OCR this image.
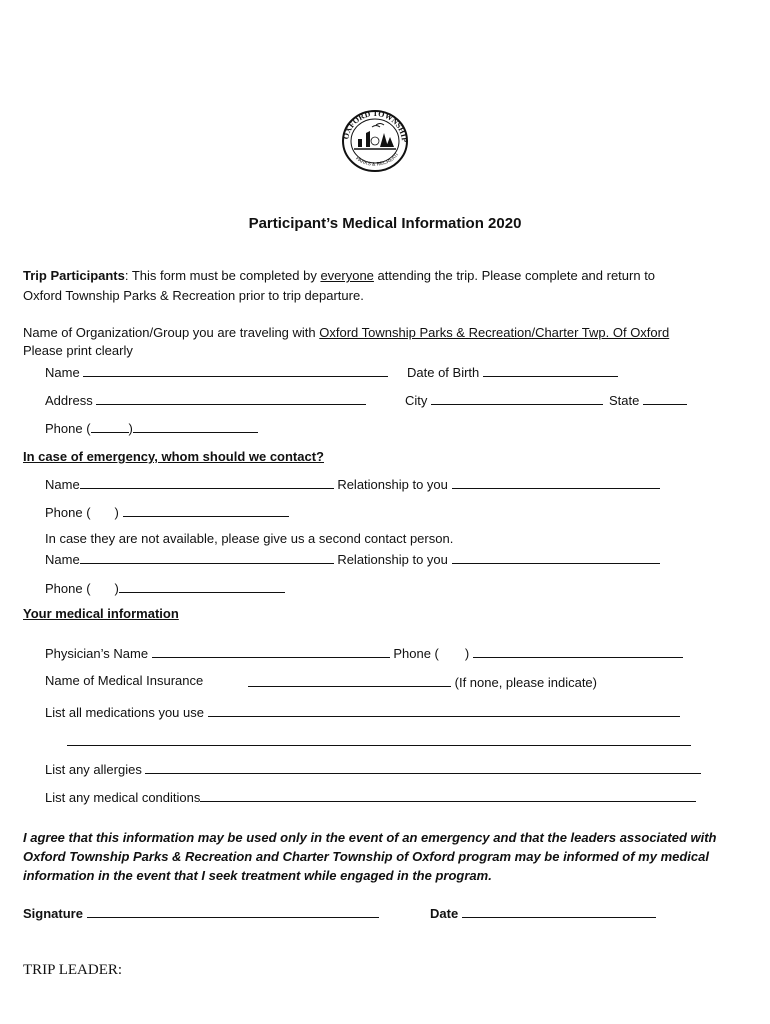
OXFORD TOWNSHIP
PARKS & RECREATI
Participant’s Medical Information 2020
Trip Participants: This form must be completed by everyone attending the trip. Please complete and return to
Oxford Township Parks & Recreation prior to trip departure.
Name of Organization/Group you are traveling with Oxford Township Parks & Recreation/Charter Twp. Of Oxford
Please print clearly
Name	Date of Birth
Address	City	State
Phone (	)
In case of emergency, whom should we contact?
Name	Relationship to you
Phone ( )
In case they are not available, please give us a second contact person.
Name	Relationship to you
Phone ( )
Your medical information
Physician’s Name	Phone ( )
Name of Medical Insurance	(If none, please indicate)
List all medications you use
List any allergies
List any medical conditions
I agree that this information may be used only in the event of an emergency and that the leaders associated with Oxford Township Parks & Recreation and Charter Township of Oxford program may be informed of my medical information in the event that I seek treatment while engaged in the program.
Signature	Date
TRIP LEADER:
